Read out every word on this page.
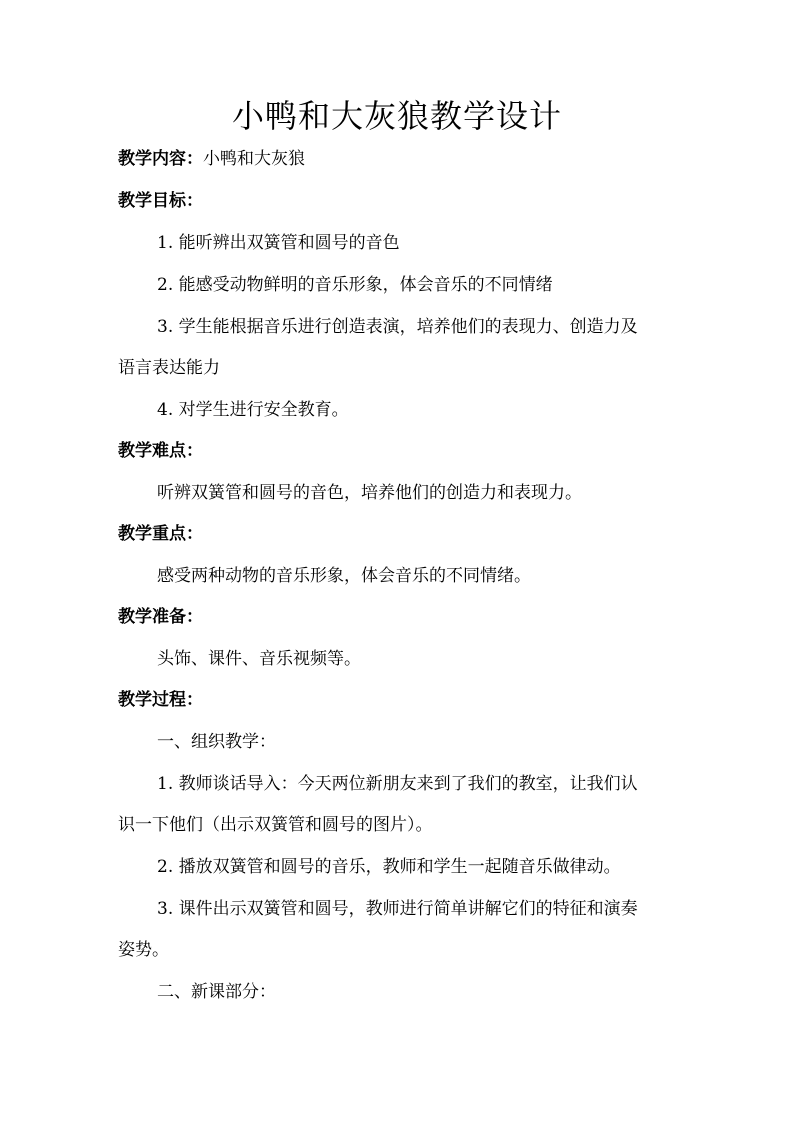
小鸭和大灰狼教学设计
教学内容：小鸭和大灰狼
教学目标：
1. 能听辨出双簧管和圆号的音色
2. 能感受动物鲜明的音乐形象，体会音乐的不同情绪
3. 学生能根据音乐进行创造表演，培养他们的表现力、创造力及
语言表达能力
4. 对学生进行安全教育。
教学难点：
听辨双簧管和圆号的音色，培养他们的创造力和表现力。
教学重点：
感受两种动物的音乐形象，体会音乐的不同情绪。
教学准备：
头饰、课件、音乐视频等。
教学过程：
一、组织教学：
1. 教师谈话导入：今天两位新朋友来到了我们的教室，让我们认
识一下他们（出示双簧管和圆号的图片）。
2. 播放双簧管和圆号的音乐，教师和学生一起随音乐做律动。
3. 课件出示双簧管和圆号，教师进行简单讲解它们的特征和演奏
姿势。
二、新课部分：
